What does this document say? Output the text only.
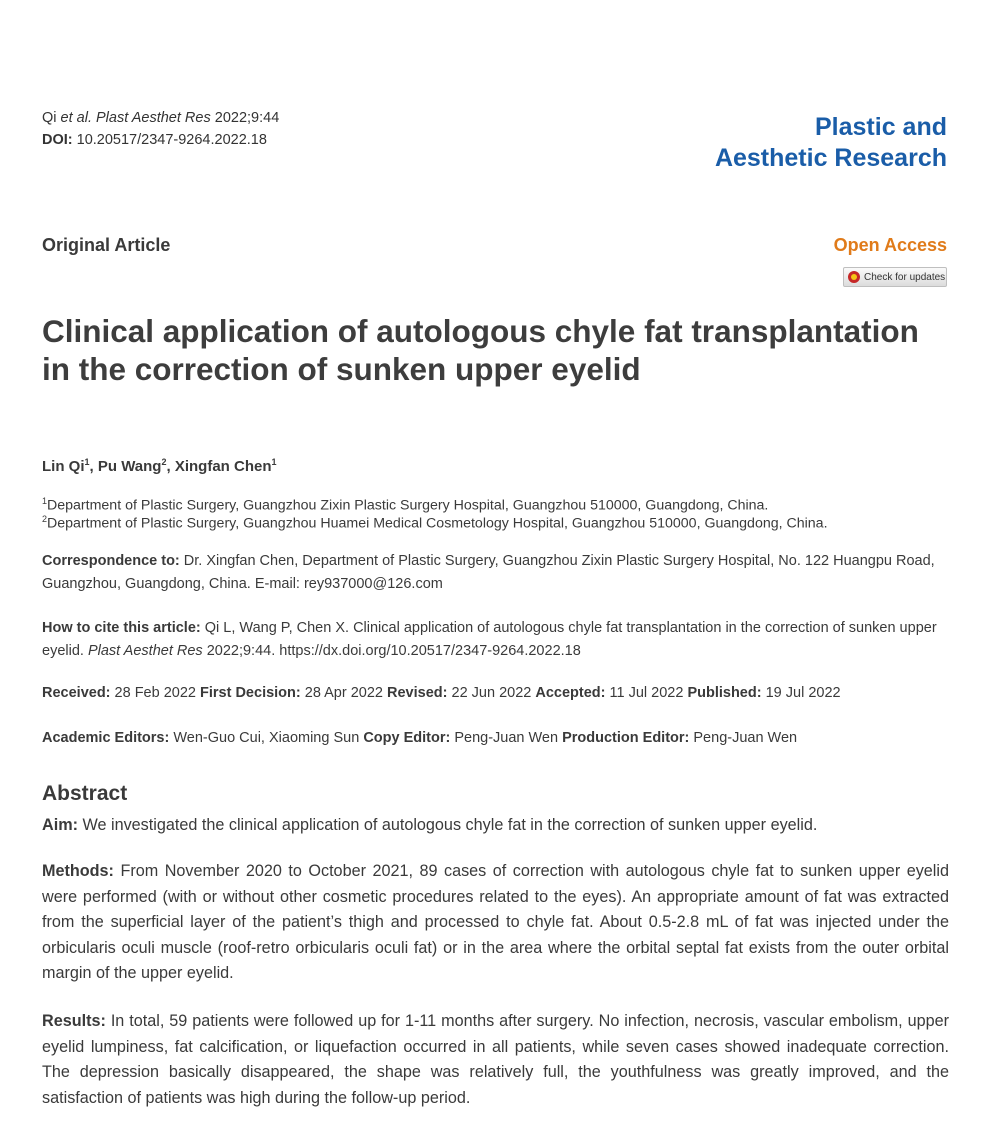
Qi et al. Plast Aesthet Res 2022;9:44
DOI: 10.20517/2347-9264.2022.18	Plastic and
Aesthetic Research
Original Article	Open Access
Check for updates
Clinical application of autologous chyle fat transplantation in the correction of sunken upper eyelid
Lin Qi$^1$, Pu Wang$^2$, Xingfan Chen$^1$
$^1$Department of Plastic Surgery, Guangzhou Zixin Plastic Surgery Hospital, Guangzhou 510000, Guangdong, China.
$^2$Department of Plastic Surgery, Guangzhou Huamei Medical Cosmetology Hospital, Guangzhou 510000, Guangdong, China.
Correspondence to: Dr. Xingfan Chen, Department of Plastic Surgery, Guangzhou Zixin Plastic Surgery Hospital, No. 122 Huangpu Road, Guangzhou, Guangdong, China. E-mail: rey937000@126.com
How to cite this article: Qi L, Wang P, Chen X. Clinical application of autologous chyle fat transplantation in the correction of sunken upper eyelid. Plast Aesthet Res 2022;9:44. https://dx.doi.org/10.20517/2347-9264.2022.18
Received: 28 Feb 2022 First Decision: 28 Apr 2022 Revised: 22 Jun 2022 Accepted: 11 Jul 2022 Published: 19 Jul 2022
Academic Editors: Wen-Guo Cui, Xiaoming Sun Copy Editor: Peng-Juan Wen Production Editor: Peng-Juan Wen
Abstract

Aim: We investigated the clinical application of autologous chyle fat in the correction of sunken upper eyelid.

Methods: From November 2020 to October 2021, 89 cases of correction with autologous chyle fat to sunken upper eyelid were performed (with or without other cosmetic procedures related to the eyes). An appropriate amount of fat was extracted from the superficial layer of the patient’s thigh and processed to chyle fat. About 0.5-2.8 mL of fat was injected under the orbicularis oculi muscle (roof-retro orbicularis oculi fat) or in the area where the orbital septal fat exists from the outer orbital margin of the upper eyelid.

Results: In total, 59 patients were followed up for 1-11 months after surgery. No infection, necrosis, vascular embolism, upper eyelid lumpiness, fat calcification, or liquefaction occurred in all patients, while seven cases showed inadequate correction. The depression basically disappeared, the shape was relatively full, the youthfulness was greatly improved, and the satisfaction of patients was high during the follow-up period.
